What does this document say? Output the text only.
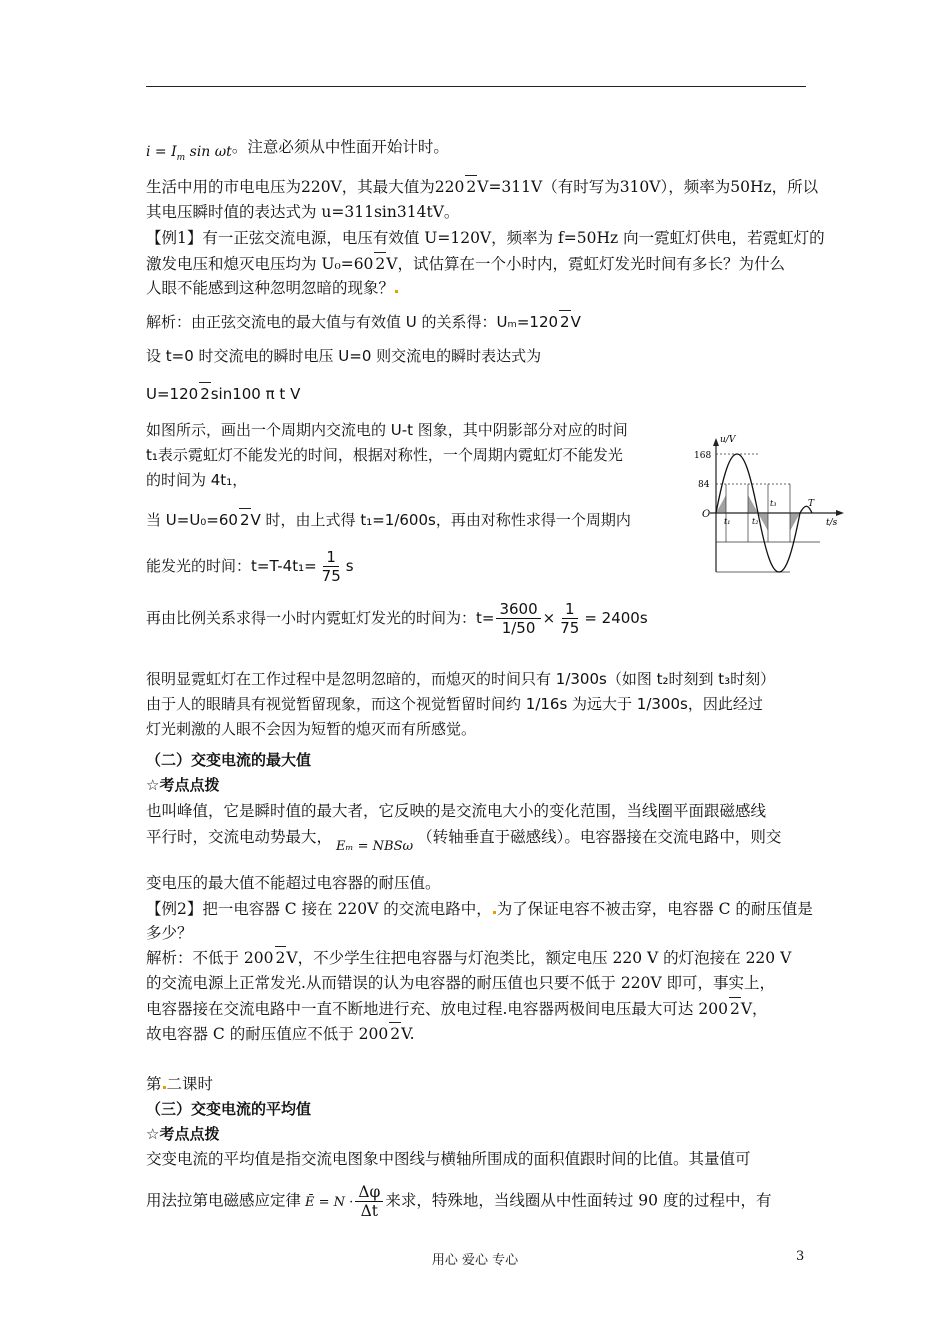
$i = I_m$ sin ωt。注意必须从中性面开始计时。
生活中用的市电电压为220V，其最大值为220 2V=311V（有时写为310V），频率为50Hz，所以
其电压瞬时值的表达式为 u=311sin314tV。
【例1】有一正弦交流电源，电压有效值 U=120V，频率为 f=50Hz 向一霓虹灯供电，若霓虹灯的
激发电压和熄灭电压均为 U₀=60 2V，试估算在一个小时内，霓虹灯发光时间有多长？为什么
人眼不能感到这种忽明忽暗的现象？
解析：由正弦交流电的最大值与有效值 U 的关系得：Uₘ=120 2V
设 t=0 时交流电的瞬时电压 U=0 则交流电的瞬时表达式为
U=120 2sin100 π t V
如图所示，画出一个周期内交流电的 U-t 图象，其中阴影部分对应的时间
t₁表示霓虹灯不能发光的时间，根据对称性，一个周期内霓虹灯不能发光
的时间为 4t₁，
当 U=U₀=60 2V 时，由上式得 t₁=1/600s，再由对称性求得一个周期内
能发光的时间：$t=T-4t_1= \frac{1}{75}$ s
再由比例关系求得一小时内霓虹灯发光的时间为：$t= \frac{3600}{1/50} \times \frac{1}{75} = 2400s$
很明显霓虹灯在工作过程中是忽明忽暗的，而熄灭的时间只有 1/300s（如图 t₂时刻到 t₃时刻）
由于人的眼睛具有视觉暂留现象，而这个视觉暂留时间约 1/16s 为远大于 1/300s，因此经过
灯光刺激的人眼不会因为短暂的熄灭而有所感觉。
（二）交变电流的最大值
☆考点点拨
也叫峰值，它是瞬时值的最大者，它反映的是交流电大小的变化范围，当线圈平面跟磁感线
平行时，交流电动势最大，$_{E_m = NBS\omega}$（转轴垂直于磁感线）。电容器接在交流电路中，则交
变电压的最大值不能超过电容器的耐压值。
【例2】把一电容器 C 接在 220V 的交流电路中， 为了保证电容不被击穿，电容器 C 的耐压值是
多少？
解析：不低于 200 2V，不少学生往把电容器与灯泡类比，额定电压 220 V 的灯泡接在 220 V
的交流电源上正常发光.从而错误的认为电容器的耐压值也只要不低于 220V 即可，事实上，
电容器接在交流电路中一直不断地进行充、放电过程.电容器两极间电压最大可达 200 2V，
故电容器 C 的耐压值应不低于 200 2V.
第 二课时
（三）交变电流的平均值
☆考点点拨
交变电流的平均值是指交流电图象中图线与横轴所围成的面积值跟时间的比值。其量值可
用法拉第电磁感应定律 Ē = $N \cdot \frac{\Delta\varphi}{\Delta t}$ 来求，特殊地，当线圈从中性面转过 90 度的过程中，有
u/V
t/s
168
84
O
t₁	t₂
t₃	T
用心 爱心 专心	3
